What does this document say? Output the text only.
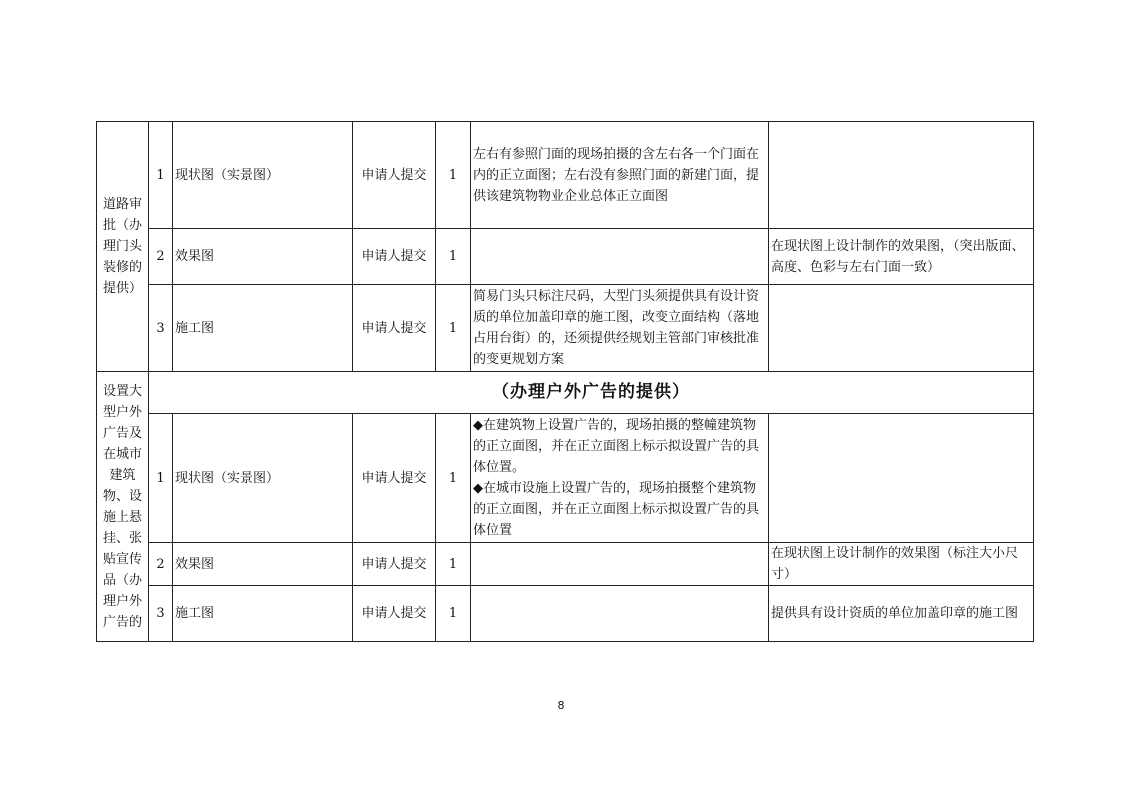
道路审批（办理门头装修的提供）	1	现状图（实景图）	申请人提交	1	左右有参照门面的现场拍摄的含左右各一个门面在内的正立面图；左右没有参照门面的新建门面，提供该建筑物物业企业总体正立面图	
	2	效果图	申请人提交	1		在现状图上设计制作的效果图，（突出版面、高度、色彩与左右门面一致）
	3	施工图	申请人提交	1	简易门头只标注尺码，大型门头须提供具有设计资质的单位加盖印章的施工图，改变立面结构（落地占用台街）的，还须提供经规划主管部门审核批准的变更规划方案	
设置大型户外广告及在城市建筑物、设施上悬挂、张贴宣传品（办理户外广告的	（办理户外广告的提供）					
	1	现状图（实景图）	申请人提交	1	◆在建筑物上设置广告的，现场拍摄的整幢建筑物的正立面图，并在正立面图上标示拟设置广告的具体位置。
◆在城市设施上设置广告的，现场拍摄整个建筑物的正立面图，并在正立面图上标示拟设置广告的具体位置	

	2	效果图	申请人提交	1		在现状图上设计制作的效果图（标注大小尺寸）
	3	施工图	申请人提交	1		提供具有设计资质的单位加盖印章的施工图
8
